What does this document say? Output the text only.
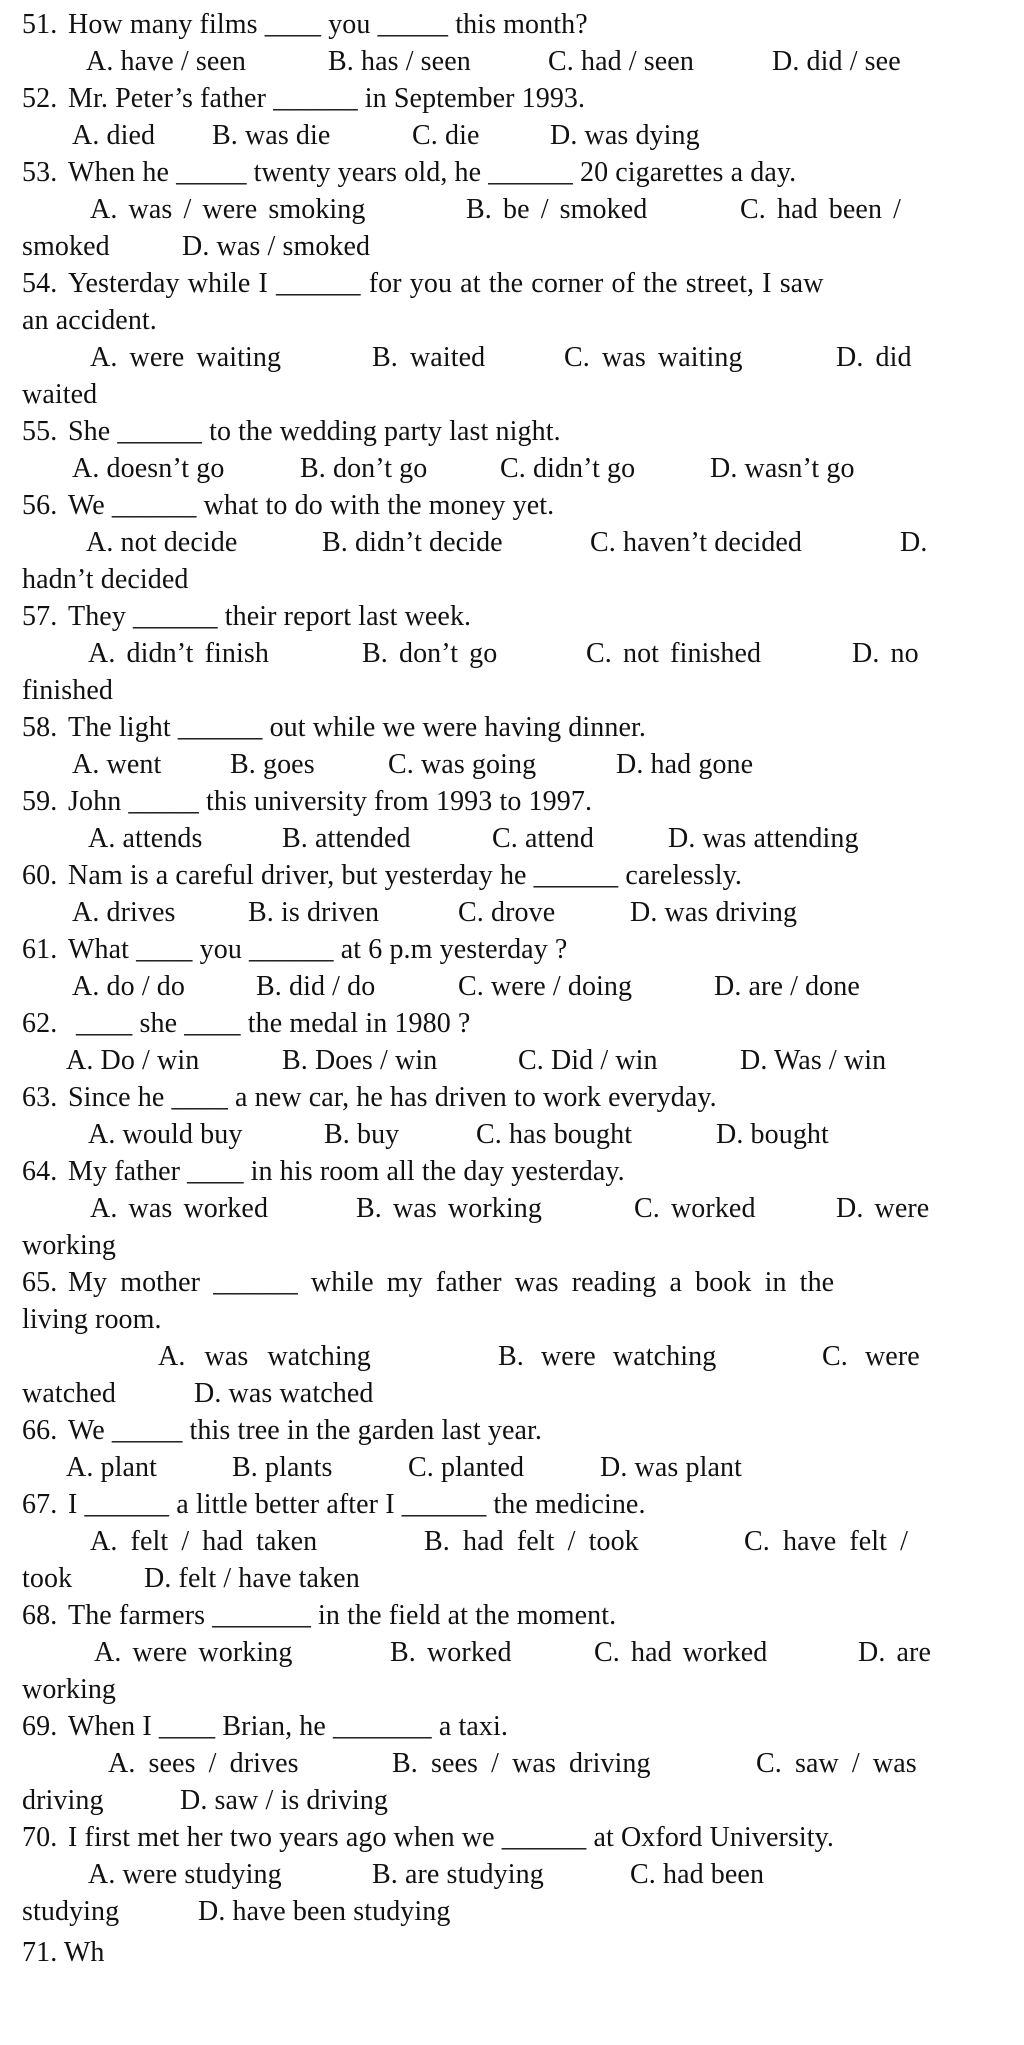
51.

How many films ____ you _____ this month?

A. have / seen

	B. has / seen

	C. had / seen

	D. did / see

52.

Mr. Peter’s father ______ in September 1993.

A. died

B. was die

	C. die

	D. was dying

53.

When he _____ twenty years old, he ______ 20 cigarettes a day.

A. was / were smoking

	B. be / smoked

	C. had been /

smoked

	D. was / smoked

54.

Yesterday while I ______ for you at the corner of the street, I saw

an accident.

A. were waiting

	B. waited

	C. was waiting

	D. did

waited

55.

She ______ to the wedding party last night.

A. doesn’t go

	B. don’t go

	C. didn’t go

	D. wasn’t go

56.

We ______ what to do with the money yet.

A. not decide

	B. didn’t decide

	C. haven’t decided

	D.

hadn’t decided

57.

They ______ their report last week.

A. didn’t finish

	B. don’t go

	C. not finished

	D. no

finished

58.

The light ______ out while we were having dinner.

A. went

B. goes

	C. was going

	D. had gone

59.

John _____ this university from 1993 to 1997.

A. attends

	B. attended

	C. attend

	D. was attending

60.

Nam is a careful driver, but yesterday he ______ carelessly.

A. drives

	B. is driven

	C. drove

	D. was driving

61.

What ____ you ______ at 6 p.m yesterday ?

A. do / do

	B. did / do

	C. were / doing

	D. are / done

62.

____ she ____ the medal in 1980 ?

A. Do / win

	B. Does / win

	C. Did / win

	D. Was / win

63.

Since he ____ a new car, he has driven to work everyday.

A. would buy

	B. buy

	C. has bought

	D. bought

64.

My father ____ in his room all the day yesterday.

A. was worked

	B. was working

	C. worked

	D. were

working

65.

My mother ______ while my father was reading a book in the

living room.

A. was watching

	B. were watching

	C. were

watched

	D. was watched

66.

We _____ this tree in the garden last year.

A. plant

	B. plants

	C. planted

	D. was plant

67.

I ______ a little better after I ______ the medicine.

A. felt / had taken

	B. had felt / took

	C. have felt /

took

	D. felt / have taken

68.

The farmers _______ in the field at the moment.

A. were working

	B. worked

	C. had worked

	D. are

working

69.

When I ____ Brian, he _______ a taxi.

A. sees / drives

	B. sees / was driving

	C. saw / was

driving

	D. saw / is driving

70.

I first met her two years ago when we ______ at Oxford University.

A. were studying

	B. are studying

	C. had been

studying

	D. have been studying

71. Wh
